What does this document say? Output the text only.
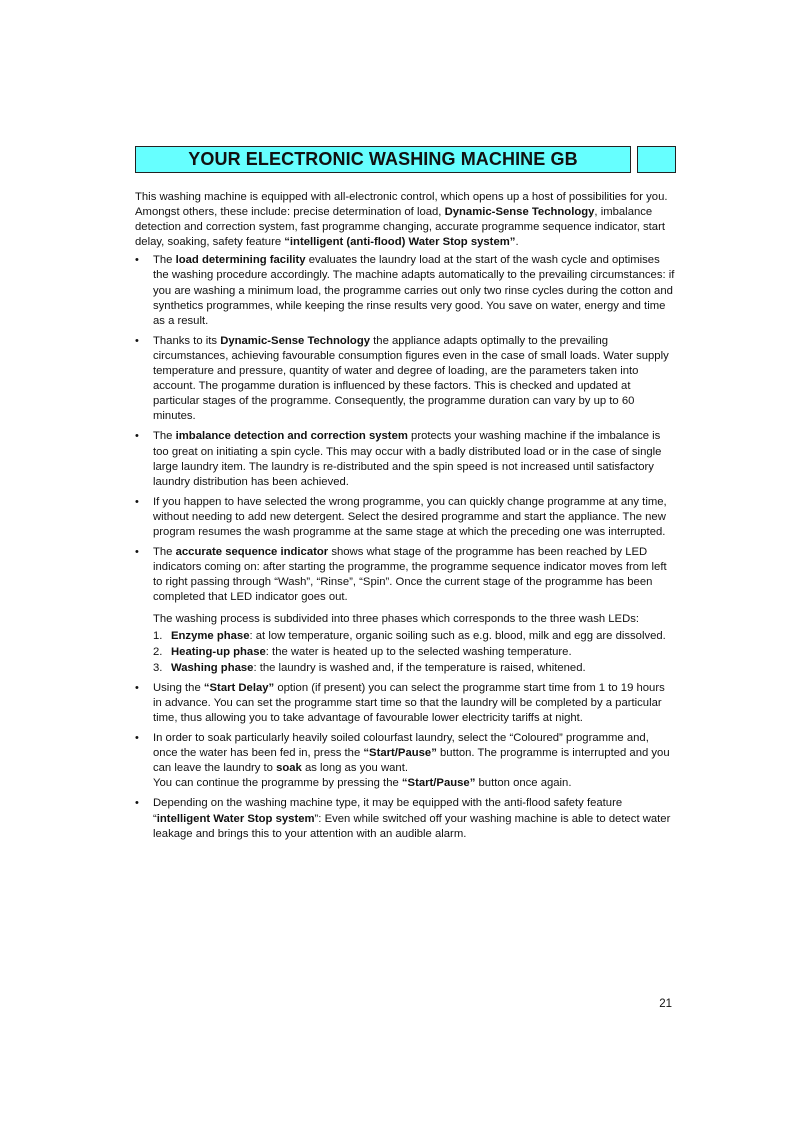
YOUR ELECTRONIC WASHING MACHINE GB

This washing machine is equipped with all-electronic control, which opens up a host of possibilities for you. Amongst others, these include: precise determination of load, Dynamic-Sense Technology, imbalance detection and correction system, fast programme changing, accurate programme sequence indicator, start delay, soaking, safety feature “intelligent (anti-flood) Water Stop system”.

• The load determining facility evaluates the laundry load at the start of the wash cycle and optimises the washing procedure accordingly. The machine adapts automatically to the prevailing circumstances: if you are washing a minimum load, the programme carries out only two rinse cycles during the cotton and synthetics programmes, while keeping the rinse results very good. You save on water, energy and time as a result.
• Thanks to its Dynamic-Sense Technology the appliance adapts optimally to the prevailing circumstances, achieving favourable consumption figures even in the case of small loads. Water supply temperature and pressure, quantity of water and degree of loading, are the parameters taken into account. The progamme duration is influenced by these factors. This is checked and updated at particular stages of the programme. Consequently, the programme duration can vary by up to 60 minutes.
• The imbalance detection and correction system protects your washing machine if the imbalance is too great on initiating a spin cycle. This may occur with a badly distributed load or in the case of single large laundry item. The laundry is re-distributed and the spin speed is not increased until satisfactory laundry distribution has been achieved.
• If you happen to have selected the wrong programme, you can quickly change programme at any time, without needing to add new detergent. Select the desired programme and start the appliance. The new program resumes the wash programme at the same stage at which the preceding one was interrupted.
• The accurate sequence indicator shows what stage of the programme has been reached by LED indicators coming on: after starting the programme, the programme sequence indicator moves from left to right passing through “Wash”, “Rinse”, “Spin”. Once the current stage of the programme has been completed that LED indicator goes out.

The washing process is subdivided into three phases which corresponds to the three wash LEDs:

1. Enzyme phase: at low temperature, organic soiling such as e.g. blood, milk and egg are dissolved.
2. Heating-up phase: the water is heated up to the selected washing temperature.
3. Washing phase: the laundry is washed and, if the temperature is raised, whitened.
• Using the “Start Delay” option (if present) you can select the programme start time from 1 to 19 hours in advance. You can set the programme start time so that the laundry will be completed by a particular time, thus allowing you to take advantage of favourable lower electricity tariffs at night.
• In order to soak particularly heavily soiled colourfast laundry, select the “Coloured” programme and, once the water has been fed in, press the “Start/Pause” button. The programme is interrupted and you can leave the laundry to soak as long as you want.
You can continue the programme by pressing the “Start/Pause” button once again.
• Depending on the washing machine type, it may be equipped with the anti-flood safety feature “intelligent Water Stop system”: Even while switched off your washing machine is able to detect water leakage and brings this to your attention with an audible alarm.
21
